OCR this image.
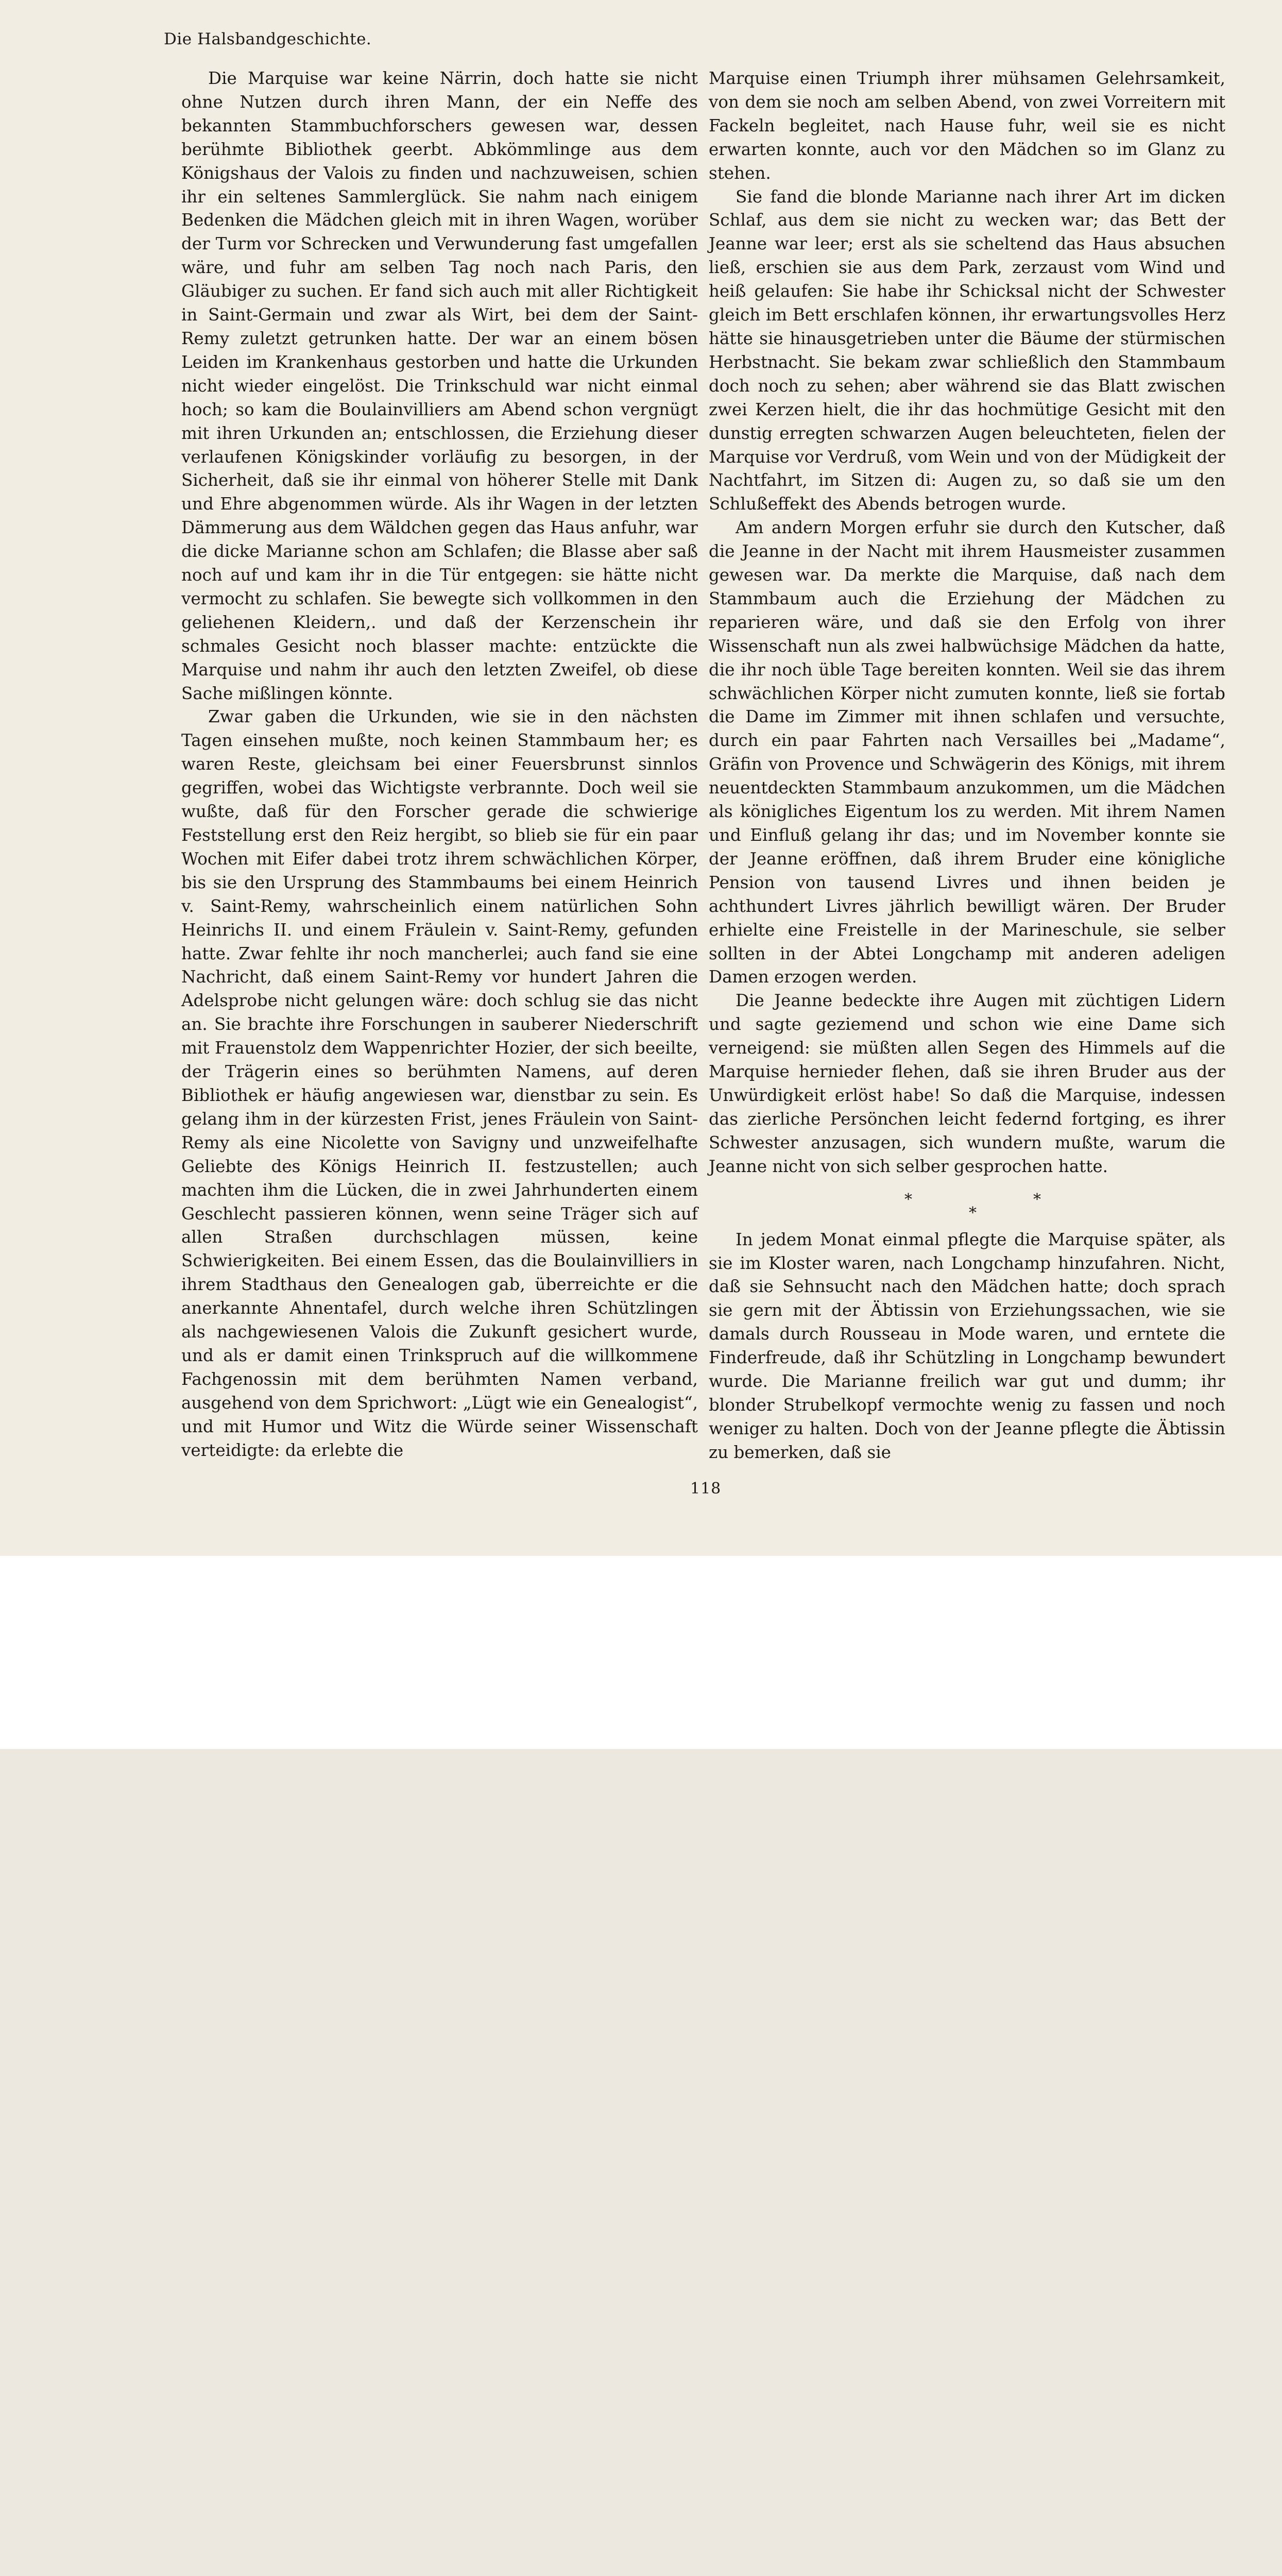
Die Halsbandgeschichte.

Die Marquise war keine Närrin, doch hatte sie nicht ohne Nutzen durch ihren Mann, der ein Neffe des bekannten Stammbuchforschers gewesen war, dessen berühmte Bibliothek geerbt. Abkömmlinge aus dem Königshaus der Valois zu finden und nachzuweisen, schien ihr ein seltenes Sammlerglück. Sie nahm nach einigem Bedenken die Mädchen gleich mit in ihren Wagen, worüber der Turm vor Schrecken und Verwunderung fast umgefallen wäre, und fuhr am selben Tag noch nach Paris, den Gläubiger zu suchen. Er fand sich auch mit aller Richtigkeit in Saint-Germain und zwar als Wirt, bei dem der Saint-Remy zuletzt getrunken hatte. Der war an einem bösen Leiden im Krankenhaus gestorben und hatte die Urkunden nicht wieder eingelöst. Die Trinkschuld war nicht einmal hoch; so kam die Boulainvilliers am Abend schon vergnügt mit ihren Urkunden an; entschlossen, die Erziehung dieser verlaufenen Königskinder vorläufig zu besorgen, in der Sicherheit, daß sie ihr einmal von höherer Stelle mit Dank und Ehre abgenommen würde. Als ihr Wagen in der letzten Dämmerung aus dem Wäldchen gegen das Haus anfuhr, war die dicke Marianne schon am Schlafen; die Blasse aber saß noch auf und kam ihr in die Tür entgegen: sie hätte nicht vermocht zu schlafen. Sie bewegte sich vollkommen in den geliehenen Kleidern,. und daß der Kerzenschein ihr schmales Gesicht noch blasser machte: entzückte die Marquise und nahm ihr auch den letzten Zweifel, ob diese Sache mißlingen könnte.

Zwar gaben die Urkunden, wie sie in den nächsten Tagen einsehen mußte, noch keinen Stammbaum her; es waren Reste, gleichsam bei einer Feuersbrunst sinnlos gegriffen, wobei das Wichtigste verbrannte. Doch weil sie wußte, daß für den Forscher gerade die schwierige Feststellung erst den Reiz hergibt, so blieb sie für ein paar Wochen mit Eifer dabei trotz ihrem schwächlichen Körper, bis sie den Ursprung des Stammbaums bei einem Heinrich v. Saint-Remy, wahrscheinlich einem natürlichen Sohn Heinrichs II. und einem Fräulein v. Saint-Remy, gefunden hatte. Zwar fehlte ihr noch mancherlei; auch fand sie eine Nachricht, daß einem Saint-Remy vor hundert Jahren die Adelsprobe nicht gelungen wäre: doch schlug sie das nicht an. Sie brachte ihre Forschungen in sauberer Niederschrift mit Frauenstolz dem Wappenrichter Hozier, der sich beeilte, der Trägerin eines so berühmten Namens, auf deren Bibliothek er häufig angewiesen war, dienstbar zu sein. Es gelang ihm in der kürzesten Frist, jenes Fräulein von Saint-Remy als eine Nicolette von Savigny und unzweifelhafte Geliebte des Königs Heinrich II. festzustellen; auch machten ihm die Lücken, die in zwei Jahrhunderten einem Geschlecht passieren können, wenn seine Träger sich auf allen Straßen durchschlagen müssen, keine Schwierigkeiten. Bei einem Essen, das die Boulainvilliers in ihrem Stadthaus den Genealogen gab, überreichte er die anerkannte Ahnentafel, durch welche ihren Schützlingen als nachgewiesenen Valois die Zukunft gesichert wurde, und als er damit einen Trinkspruch auf die willkommene Fachgenossin mit dem berühmten Namen verband, ausgehend von dem Sprichwort: „Lügt wie ein Genealogist“, und mit Humor und Witz die Würde seiner Wissenschaft verteidigte: da erlebte die

Marquise einen Triumph ihrer mühsamen Gelehrsamkeit, von dem sie noch am selben Abend, von zwei Vorreitern mit Fackeln begleitet, nach Hause fuhr, weil sie es nicht erwarten konnte, auch vor den Mädchen so im Glanz zu stehen.

Sie fand die blonde Marianne nach ihrer Art im dicken Schlaf, aus dem sie nicht zu wecken war; das Bett der Jeanne war leer; erst als sie scheltend das Haus absuchen ließ, erschien sie aus dem Park, zerzaust vom Wind und heiß gelaufen: Sie habe ihr Schicksal nicht der Schwester gleich im Bett erschlafen können, ihr erwartungsvolles Herz hätte sie hinausgetrieben unter die Bäume der stürmischen Herbstnacht. Sie bekam zwar schließlich den Stammbaum doch noch zu sehen; aber während sie das Blatt zwischen zwei Kerzen hielt, die ihr das hochmütige Gesicht mit den dunstig erregten schwarzen Augen beleuchteten, fielen der Marquise vor Verdruß, vom Wein und von der Müdigkeit der Nachtfahrt, im Sitzen di: Augen zu, so daß sie um den Schlußeffekt des Abends betrogen wurde.

Am andern Morgen erfuhr sie durch den Kutscher, daß die Jeanne in der Nacht mit ihrem Hausmeister zusammen gewesen war. Da merkte die Marquise, daß nach dem Stammbaum auch die Erziehung der Mädchen zu reparieren wäre, und daß sie den Erfolg von ihrer Wissenschaft nun als zwei halbwüchsige Mädchen da hatte, die ihr noch üble Tage bereiten konnten. Weil sie das ihrem schwächlichen Körper nicht zumuten konnte, ließ sie fortab die Dame im Zimmer mit ihnen schlafen und versuchte, durch ein paar Fahrten nach Versailles bei „Madame“, Gräfin von Provence und Schwägerin des Königs, mit ihrem neuentdeckten Stammbaum anzukommen, um die Mädchen als königliches Eigentum los zu werden. Mit ihrem Namen und Einfluß gelang ihr das; und im November konnte sie der Jeanne eröffnen, daß ihrem Bruder eine königliche Pension von tausend Livres und ihnen beiden je achthundert Livres jährlich bewilligt wären. Der Bruder erhielte eine Freistelle in der Marineschule, sie selber sollten in der Abtei Longchamp mit anderen adeligen Damen erzogen werden.

Die Jeanne bedeckte ihre Augen mit züchtigen Lidern und sagte geziemend und schon wie eine Dame sich verneigend: sie müßten allen Segen des Himmels auf die Marquise hernieder flehen, daß sie ihren Bruder aus der Unwürdigkeit erlöst habe! So daß die Marquise, indessen das zierliche Persönchen leicht federnd fortging, es ihrer Schwester anzusagen, sich wundern mußte, warum die Jeanne nicht von sich selber gesprochen hatte.

*
*
*

In jedem Monat einmal pflegte die Marquise später, als sie im Kloster waren, nach Longchamp hinzufahren. Nicht, daß sie Sehnsucht nach den Mädchen hatte; doch sprach sie gern mit der Äbtissin von Erziehungssachen, wie sie damals durch Rousseau in Mode waren, und erntete die Finderfreude, daß ihr Schützling in Longchamp bewundert wurde. Die Marianne freilich war gut und dumm; ihr blonder Strubelkopf vermochte wenig zu fassen und noch weniger zu halten. Doch von der Jeanne pflegte die Äbtissin zu bemerken, daß sie

118
